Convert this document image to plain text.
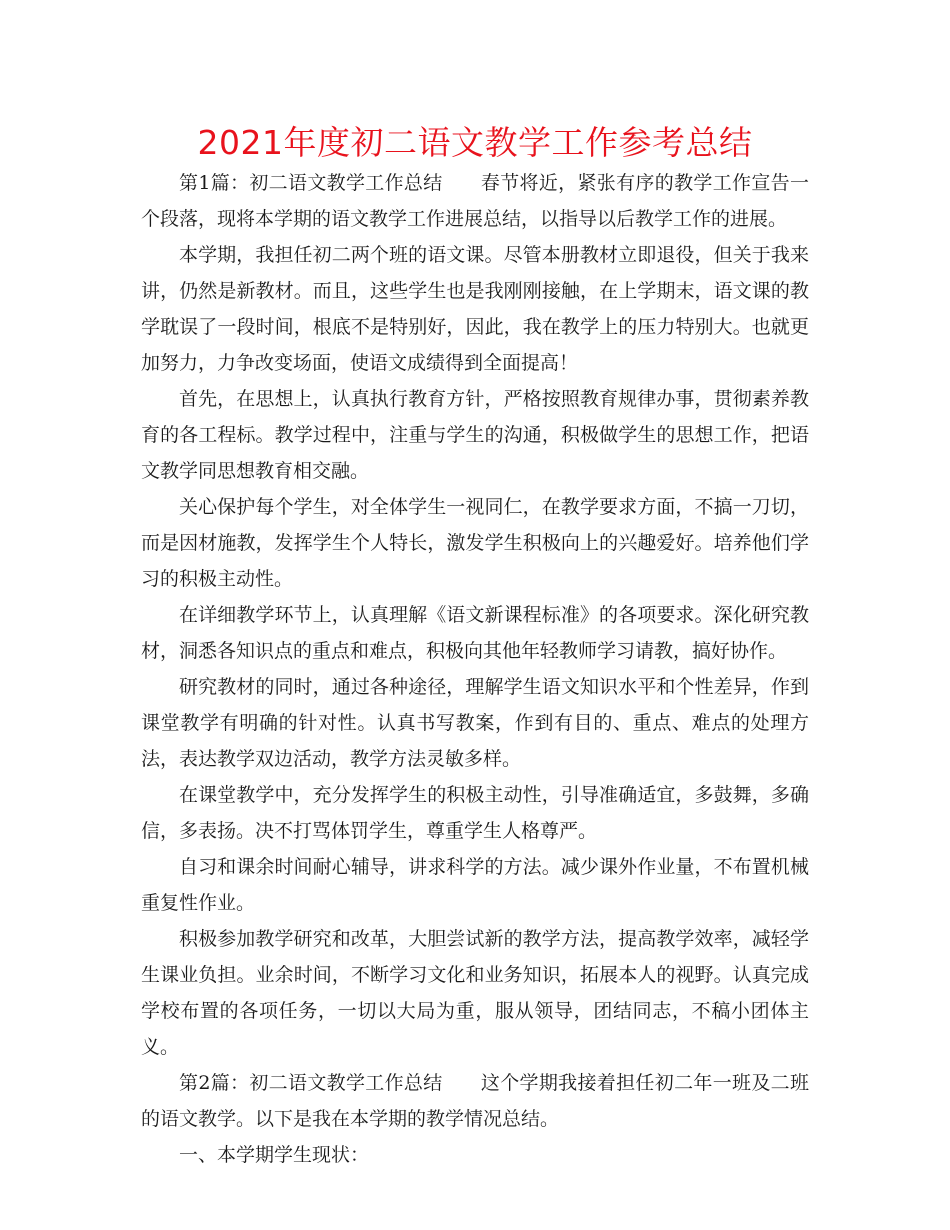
2021年度初二语文教学工作参考总结

第1篇：初二语文教学工作总结 春节将近，紧张有序的教学工作宣告一个段落，现将本学期的语文教学工作进展总结，以指导以后教学工作的进展。

本学期，我担任初二两个班的语文课。尽管本册教材立即退役，但关于我来讲，仍然是新教材。而且，这些学生也是我刚刚接触，在上学期末，语文课的教学耽误了一段时间，根底不是特别好，因此，我在教学上的压力特别大。也就更加努力，力争改变场面，使语文成绩得到全面提高！

首先，在思想上，认真执行教育方针，严格按照教育规律办事，贯彻素养教育的各工程标。教学过程中，注重与学生的沟通，积极做学生的思想工作，把语文教学同思想教育相交融。

关心保护每个学生，对全体学生一视同仁，在教学要求方面，不搞一刀切，而是因材施教，发挥学生个人特长，激发学生积极向上的兴趣爱好。培养他们学习的积极主动性。

在详细教学环节上，认真理解《语文新课程标准》的各项要求。深化研究教材，洞悉各知识点的重点和难点，积极向其他年轻教师学习请教，搞好协作。

研究教材的同时，通过各种途径，理解学生语文知识水平和个性差异，作到课堂教学有明确的针对性。认真书写教案，作到有目的、重点、难点的处理方法，表达教学双边活动，教学方法灵敏多样。

在课堂教学中，充分发挥学生的积极主动性，引导准确适宜，多鼓舞，多确信，多表扬。决不打骂体罚学生，尊重学生人格尊严。

自习和课余时间耐心辅导，讲求科学的方法。减少课外作业量，不布置机械重复性作业。

积极参加教学研究和改革，大胆尝试新的教学方法，提高教学效率，减轻学生课业负担。业余时间，不断学习文化和业务知识，拓展本人的视野。认真完成学校布置的各项任务，一切以大局为重，服从领导，团结同志，不稿小团体主义。

第2篇：初二语文教学工作总结 这个学期我接着担任初二年一班及二班的语文教学。以下是我在本学期的教学情况总结。

一、本学期学生现状：
